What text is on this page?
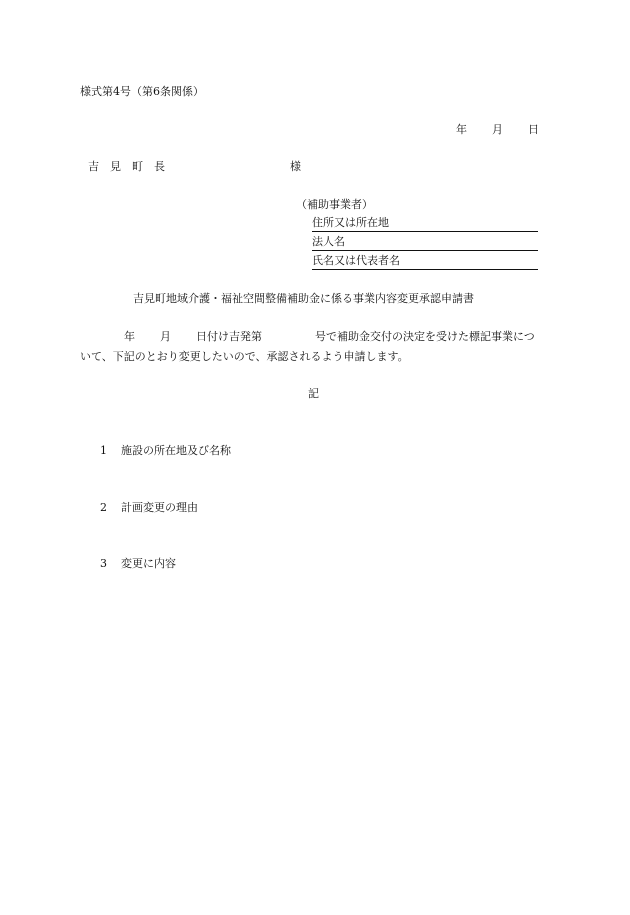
様式第4号（第6条関係）
年 月 日
吉 見 町 長	様
（補助事業者）
住所又は所在地
法人名
氏名又は代表者名
吉見町地域介護・福祉空間整備補助金に係る事業内容変更承認申請書
年 月 日付け吉発第	号で補助金交付の決定を受けた標記事業につ
いて、下記のとおり変更したいので、承認されるよう申請します。
記
1 施設の所在地及び名称
2 計画変更の理由
3 変更に内容
